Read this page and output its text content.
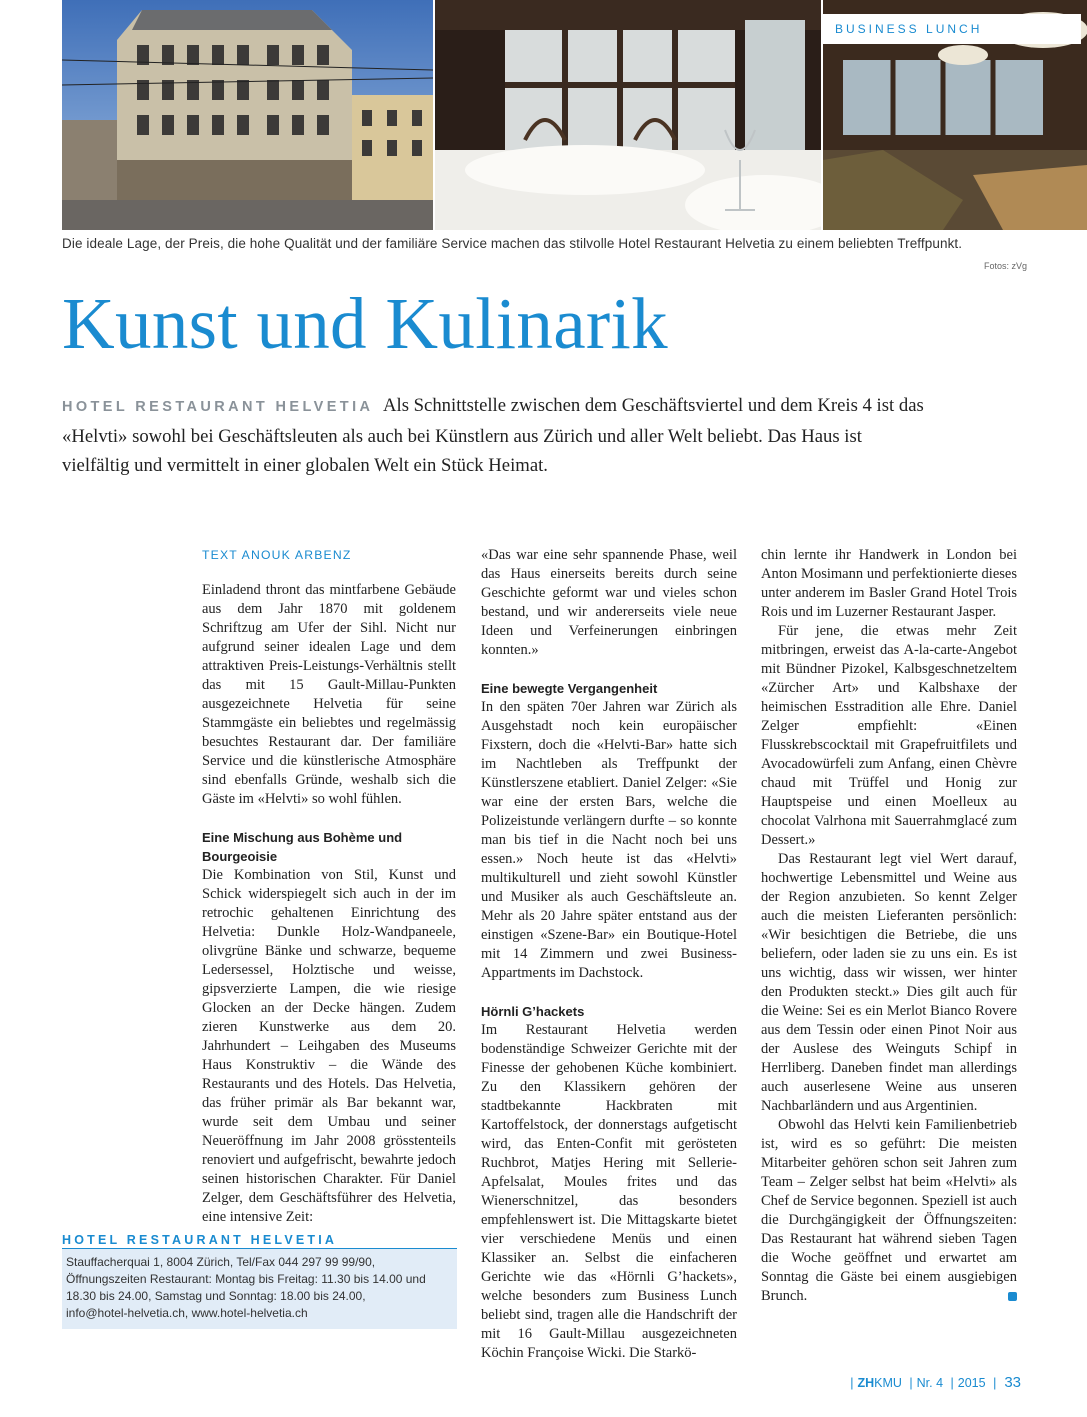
BUSINESS LUNCH
Die ideale Lage, der Preis, die hohe Qualität und der familiäre Service machen das stilvolle Hotel Restaurant Helvetia zu einem beliebten Treffpunkt.
Fotos: zVg
Kunst und Kulinarik
HOTEL RESTAURANT HELVETIA Als Schnittstelle zwischen dem Geschäftsviertel und dem Kreis 4 ist das
«Helvti» sowohl bei Geschäftsleuten als auch bei Künstlern aus Zürich und aller Welt beliebt. Das Haus ist
vielfältig und vermittelt in einer globalen Welt ein Stück Heimat.
TEXT ANOUK ARBENZ

Einladend thront das mintfarbene Gebäude aus dem Jahr 1870 mit goldenem Schriftzug am Ufer der Sihl. Nicht nur aufgrund seiner idealen Lage und dem attraktiven Preis-Leistungs-Verhältnis stellt das mit 15 Gault-Millau-Punkten ausgezeichnete Helvetia für seine Stammgäste ein beliebtes und regelmässig besuchtes Restaurant dar. Der familiäre Service und die künstlerische Atmosphäre sind ebenfalls Gründe, weshalb sich die Gäste im «Helvti» so wohl fühlen.

Eine Mischung aus Bohème und Bourgeoisie

Die Kombination von Stil, Kunst und Schick widerspiegelt sich auch in der im retrochic gehaltenen Einrichtung des Helvetia: Dunkle Holz-Wandpaneele, olivgrüne Bänke und schwarze, bequeme Ledersessel, Holztische und weisse, gipsverzierte Lampen, die wie riesige Glocken an der Decke hängen. Zudem zieren Kunstwerke aus dem 20. Jahrhundert – Leihgaben des Museums Haus Konstruktiv – die Wände des Restaurants und des Hotels. Das Helvetia, das früher primär als Bar bekannt war, wurde seit dem Umbau und seiner Neueröffnung im Jahr 2008 grösstenteils renoviert und aufgefrischt, bewahrte jedoch seinen historischen Charakter. Für Daniel Zelger, dem Geschäftsführer des Helvetia, eine intensive Zeit:

«Das war eine sehr spannende Phase, weil das Haus einerseits bereits durch seine Geschichte geformt war und vieles schon bestand, und wir andererseits viele neue Ideen und Verfeinerungen einbringen konnten.»

Eine bewegte Vergangenheit

In den späten 70er Jahren war Zürich als Ausgehstadt noch kein europäischer Fixstern, doch die «Helvti-Bar» hatte sich im Nachtleben als Treffpunkt der Künstlerszene etabliert. Daniel Zelger: «Sie war eine der ersten Bars, welche die Polizeistunde verlängern durfte – so konnte man bis tief in die Nacht noch bei uns essen.» Noch heute ist das «Helvti» multikulturell und zieht sowohl Künstler und Musiker als auch Geschäftsleute an. Mehr als 20 Jahre später entstand aus der einstigen «Szene-Bar» ein Boutique-Hotel mit 14 Zimmern und zwei Business-Appartments im Dachstock.

Hörnli G’hackets

Im Restaurant Helvetia werden bodenständige Schweizer Gerichte mit der Finesse der gehobenen Küche kombiniert. Zu den Klassikern gehören der stadtbekannte Hackbraten mit Kartoffelstock, der donnerstags aufgetischt wird, das Enten-Confit mit gerösteten Ruchbrot, Matjes Hering mit Sellerie-Apfelsalat, Moules frites und das Wienerschnitzel, das besonders empfehlenswert ist. Die Mittagskarte bietet vier verschiedene Menüs und einen Klassiker an. Selbst die einfacheren Gerichte wie das «Hörnli G’hackets», welche besonders zum Business Lunch beliebt sind, tragen alle die Handschrift der mit 16 Gault-Millau ausgezeichneten Köchin Françoise Wicki. Die Starkö-

chin lernte ihr Handwerk in London bei Anton Mosimann und perfektionierte dieses unter anderem im Basler Grand Hotel Trois Rois und im Luzerner Restaurant Jasper.

Für jene, die etwas mehr Zeit mitbringen, erweist das A-la-carte-Angebot mit Bündner Pizokel, Kalbsgeschnetzeltem «Zürcher Art» und Kalbshaxe der heimischen Esstradition alle Ehre. Daniel Zelger empfiehlt: «Einen Flusskrebscocktail mit Grapefruitfilets und Avocadowürfeli zum Anfang, einen Chèvre chaud mit Trüffel und Honig zur Hauptspeise und einen Moelleux au chocolat Valrhona mit Sauerrahmglacé zum Dessert.»

Das Restaurant legt viel Wert darauf, hochwertige Lebensmittel und Weine aus der Region anzubieten. So kennt Zelger auch die meisten Lieferanten persönlich: «Wir besichtigen die Betriebe, die uns beliefern, oder laden sie zu uns ein. Es ist uns wichtig, dass wir wissen, wer hinter den Produkten steckt.» Dies gilt auch für die Weine: Sei es ein Merlot Bianco Rovere aus dem Tessin oder einen Pinot Noir aus der Auslese des Weinguts Schipf in Herrliberg. Daneben findet man allerdings auch auserlesene Weine aus unseren Nachbarländern und aus Argentinien.

Obwohl das Helvti kein Familienbetrieb ist, wird es so geführt: Die meisten Mitarbeiter gehören schon seit Jahren zum Team – Zelger selbst hat beim «Helvti» als Chef de Service begonnen. Speziell ist auch die Durchgängigkeit der Öffnungszeiten: Das Restaurant hat während sieben Tagen die Woche geöffnet und erwartet am Sonntag die Gäste bei einem ausgiebigen Brunch.

HOTEL RESTAURANT HELVETIA
Stauffacherquai 1, 8004 Zürich, Tel/Fax 044 297 99 99/90,
Öffnungszeiten Restaurant: Montag bis Freitag: 11.30 bis 14.00 und
18.30 bis 24.00, Samstag und Sonntag: 18.00 bis 24.00,
info@hotel-helvetia.ch, www.hotel-helvetia.ch
| ZHKMU | Nr. 4 | 2015 | 33
